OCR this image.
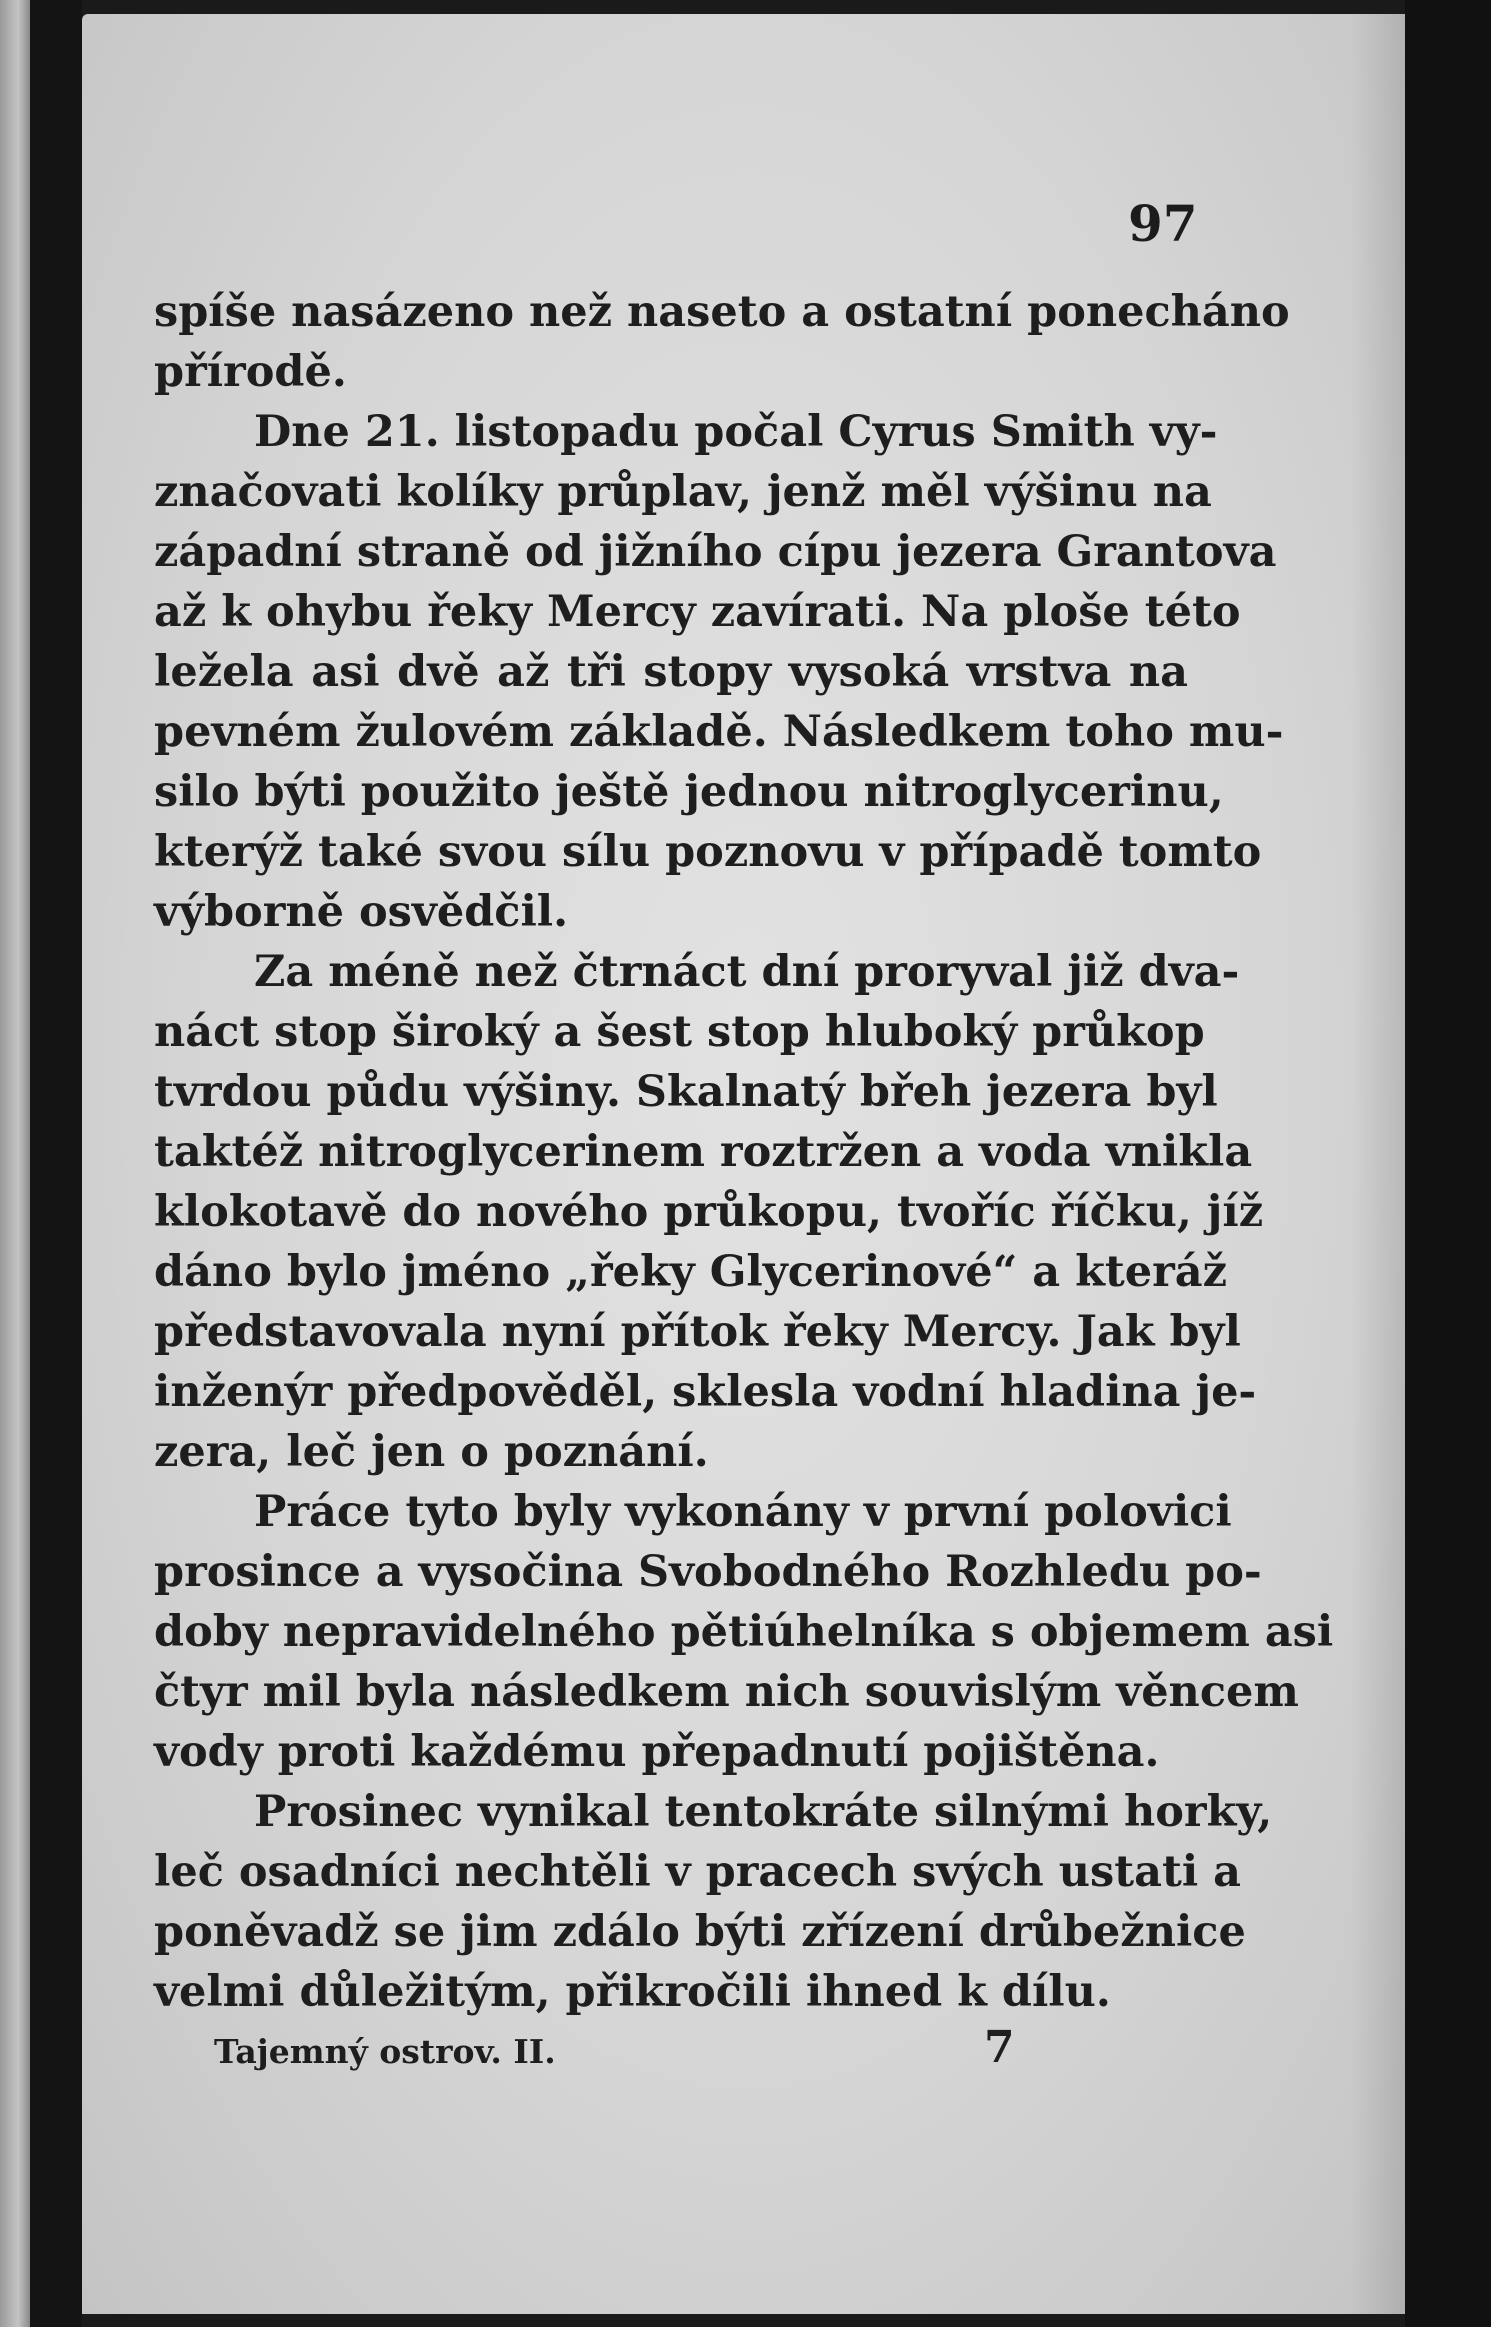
97
spíše nasázeno než naseto a ostatní ponecháno
přírodě.
Dne 21. listopadu počal Cyrus Smith vy-
značovati kolíky průplav, jenž měl výšinu na
západní straně od jižního cípu jezera Grantova
až k ohybu řeky Mercy zavírati. Na ploše této
ležela asi dvě až tři stopy vysoká vrstva na
pevném žulovém základě. Následkem toho mu-
silo býti použito ještě jednou nitroglycerinu,
kterýž také svou sílu poznovu v případě tomto
výborně osvědčil.
Za méně než čtrnáct dní proryval již dva-
náct stop široký a šest stop hluboký průkop
tvrdou půdu výšiny. Skalnatý břeh jezera byl
taktéž nitroglycerinem roztržen a voda vnikla
klokotavě do nového průkopu, tvoříc říčku, jíž
dáno bylo jméno „řeky Glycerinové“ a kteráž
představovala nyní přítok řeky Mercy. Jak byl
inženýr předpověděl, sklesla vodní hladina je-
zera, leč jen o poznání.
Práce tyto byly vykonány v první polovici
prosince a vysočina Svobodného Rozhledu po-
doby nepravidelného pětiúhelníka s objemem asi
čtyr mil byla následkem nich souvislým věncem
vody proti každému přepadnutí pojištěna.
Prosinec vynikal tentokráte silnými horky,
leč osadníci nechtěli v pracech svých ustati a
poněvadž se jim zdálo býti zřízení drůbežnice
velmi důležitým, přikročili ihned k dílu.
Tajemný ostrov. II.	7
